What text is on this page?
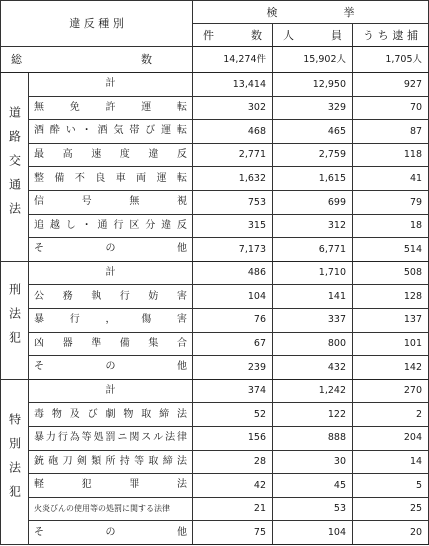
違 反 種 別		検　　　　　　挙		
		件　数	人　員	うち逮捕
総　　　　数		14,274件	15,902人	1,705人
道路交通法	計	13,414	12,950	927
	無免許運転	302	329	70
	酒酔い・酒気帯び運転	468	465	87
	最高速度違反	2,771	2,759	118
	整備不良車両運転	1,632	1,615	41
	信号無視	753	699	79
	追越し・通行区分違反	315	312	18
	その他	7,173	6,771	514
刑法犯	計	486	1,710	508
	公務執行妨害	104	141	128
	暴行，傷害	76	337	137
	凶器準備集合	67	800	101
	その他	239	432	142
特別法犯	計	374	1,242	270
	毒物及び劇物取締法	52	122	2
	暴力行為等処罰ニ関スル法律	156	888	204
	銃砲刀剣類所持等取締法	28	30	14
	軽犯罪法	42	45	5
	火炎びんの使用等の処罰に関する法律	21	53	25
	その他	75	104	20
